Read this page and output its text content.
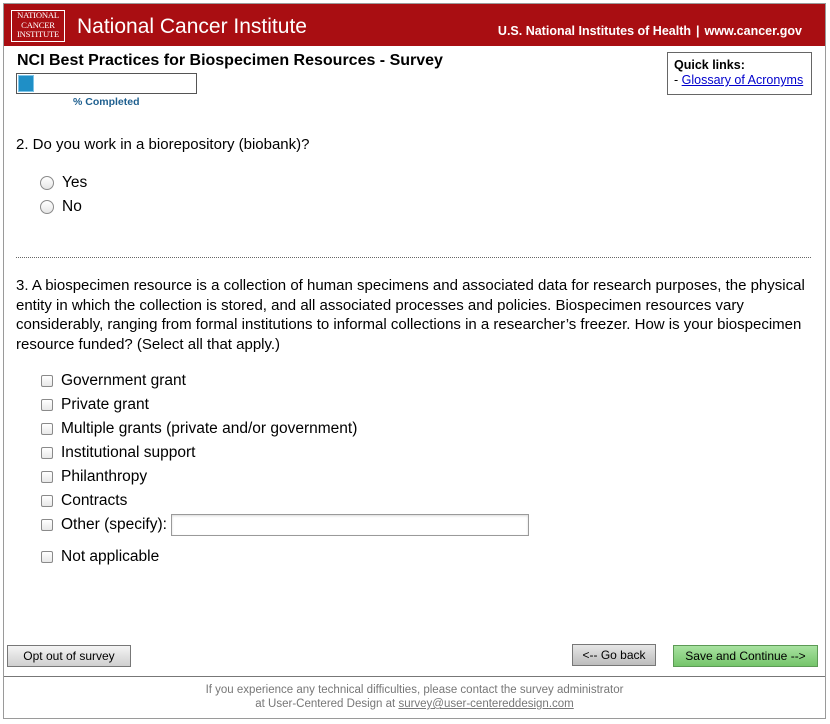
NATIONAL
CANCER
INSTITUTE National Cancer Institute	U.S. National Institutes of Health | www.cancer.gov
NCI Best Practices for Biospecimen Resources - Survey
% Completed
Quick links:
- Glossary of Acronyms
2. Do you work in a biorepository (biobank)?
Yes
No
3. A biospecimen resource is a collection of human specimens and associated data for research purposes, the physical entity in which the collection is stored, and all associated processes and policies. Biospecimen resources vary considerably, ranging from formal institutions to informal collections in a researcher’s freezer. How is your biospecimen resource funded? (Select all that apply.)
Government grant
Private grant
Multiple grants (private and/or government)
Institutional support
Philanthropy
Contracts
Other (specify):
Not applicable
Opt out of survey	<-- Go back	Save and Continue -->
If you experience any technical difficulties, please contact the survey administrator
at User-Centered Design at survey@user-centereddesign.com
